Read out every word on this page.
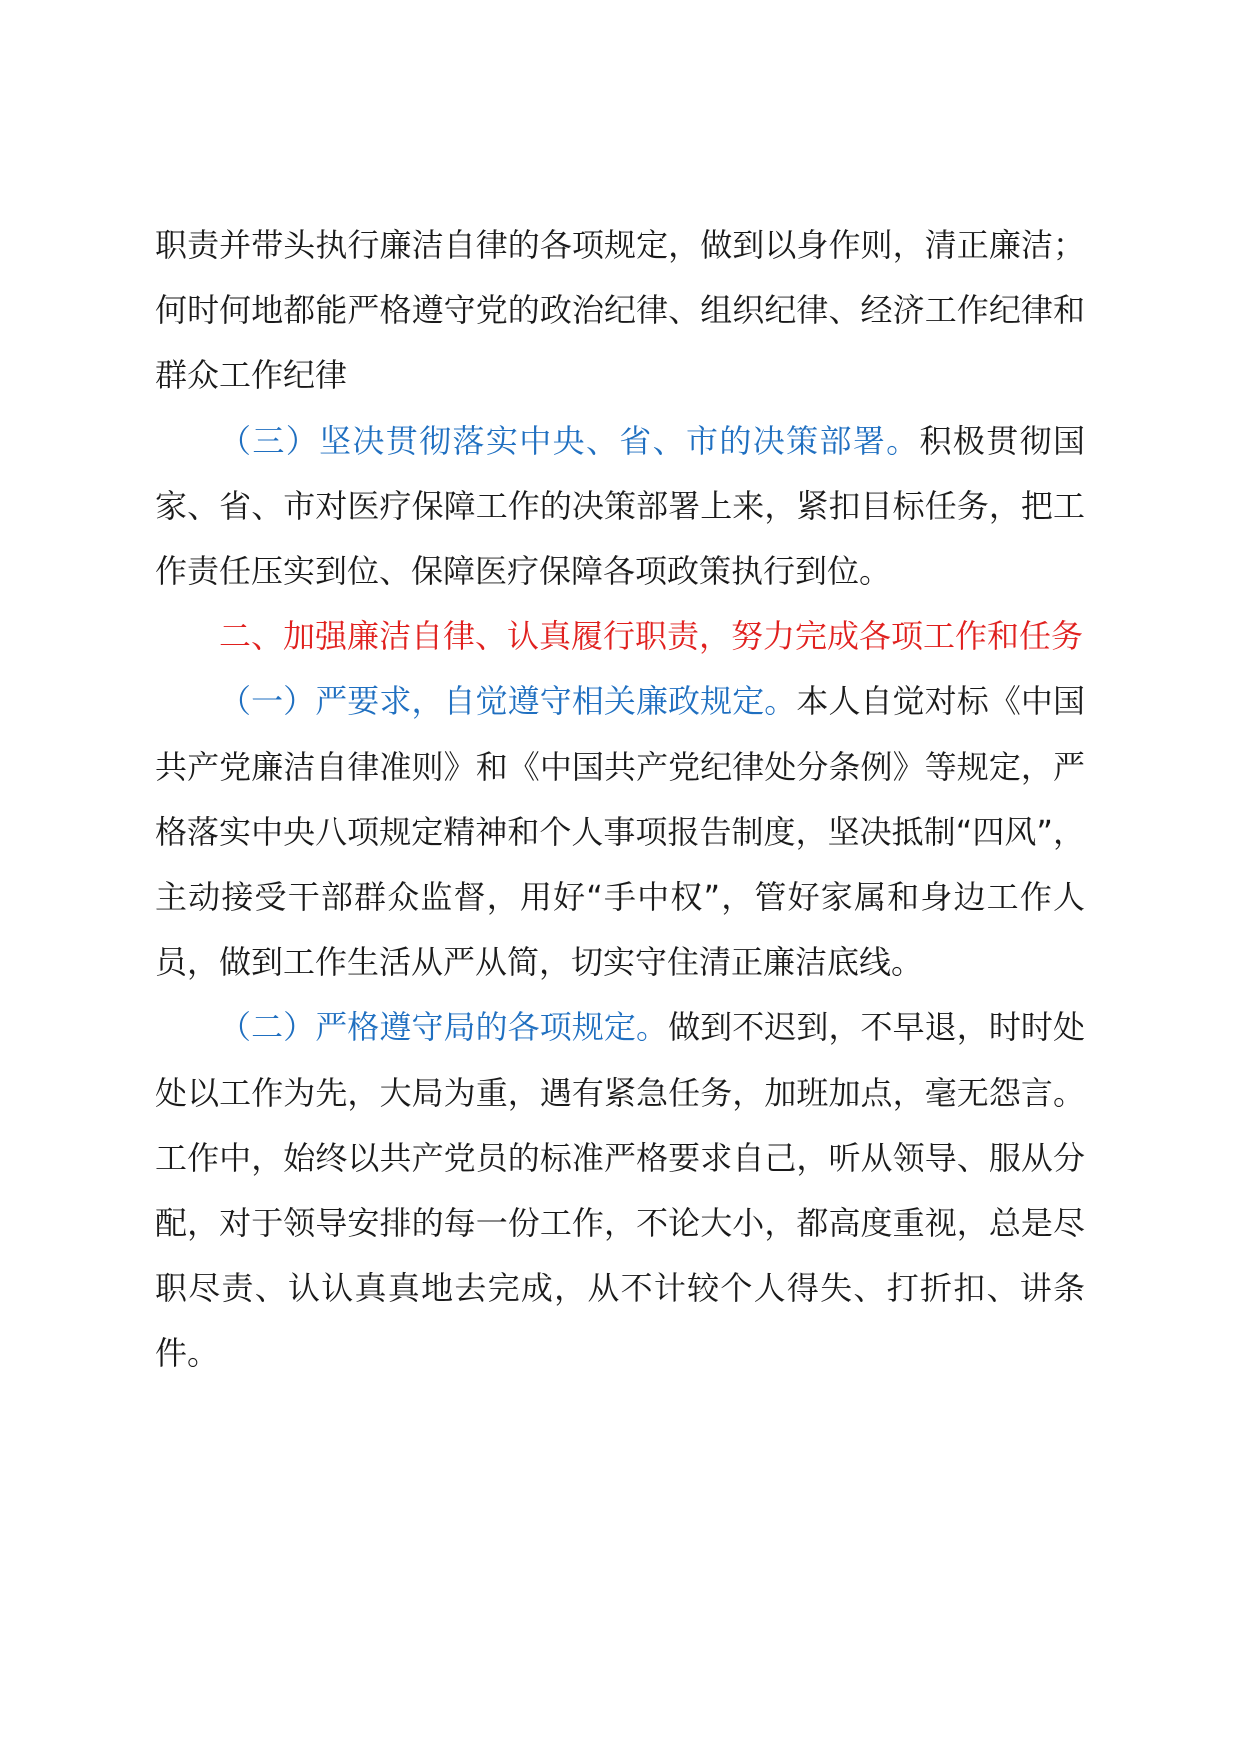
职责并带头执行廉洁自律的各项规定，做到以身作则，清正廉洁；何时何地都能严格遵守党的政治纪律、组织纪律、经济工作纪律和群众工作纪律

（三）坚决贯彻落实中央、省、市的决策部署。积极贯彻国家、省、市对医疗保障工作的决策部署上来，紧扣目标任务，把工作责任压实到位、保障医疗保障各项政策执行到位。

二、加强廉洁自律、认真履行职责，努力完成各项工作和任务

（一）严要求，自觉遵守相关廉政规定。本人自觉对标《中国共产党廉洁自律准则》和《中国共产党纪律处分条例》等规定，严格落实中央八项规定精神和个人事项报告制度，坚决抵制“四风”，主动接受干部群众监督，用好“手中权”，管好家属和身边工作人员，做到工作生活从严从简，切实守住清正廉洁底线。

（二）严格遵守局的各项规定。做到不迟到，不早退，时时处处以工作为先，大局为重，遇有紧急任务，加班加点，毫无怨言。工作中，始终以共产党员的标准严格要求自己，听从领导、服从分配，对于领导安排的每一份工作，不论大小，都高度重视，总是尽职尽责、认认真真地去完成，从不计较个人得失、打折扣、讲条件。
